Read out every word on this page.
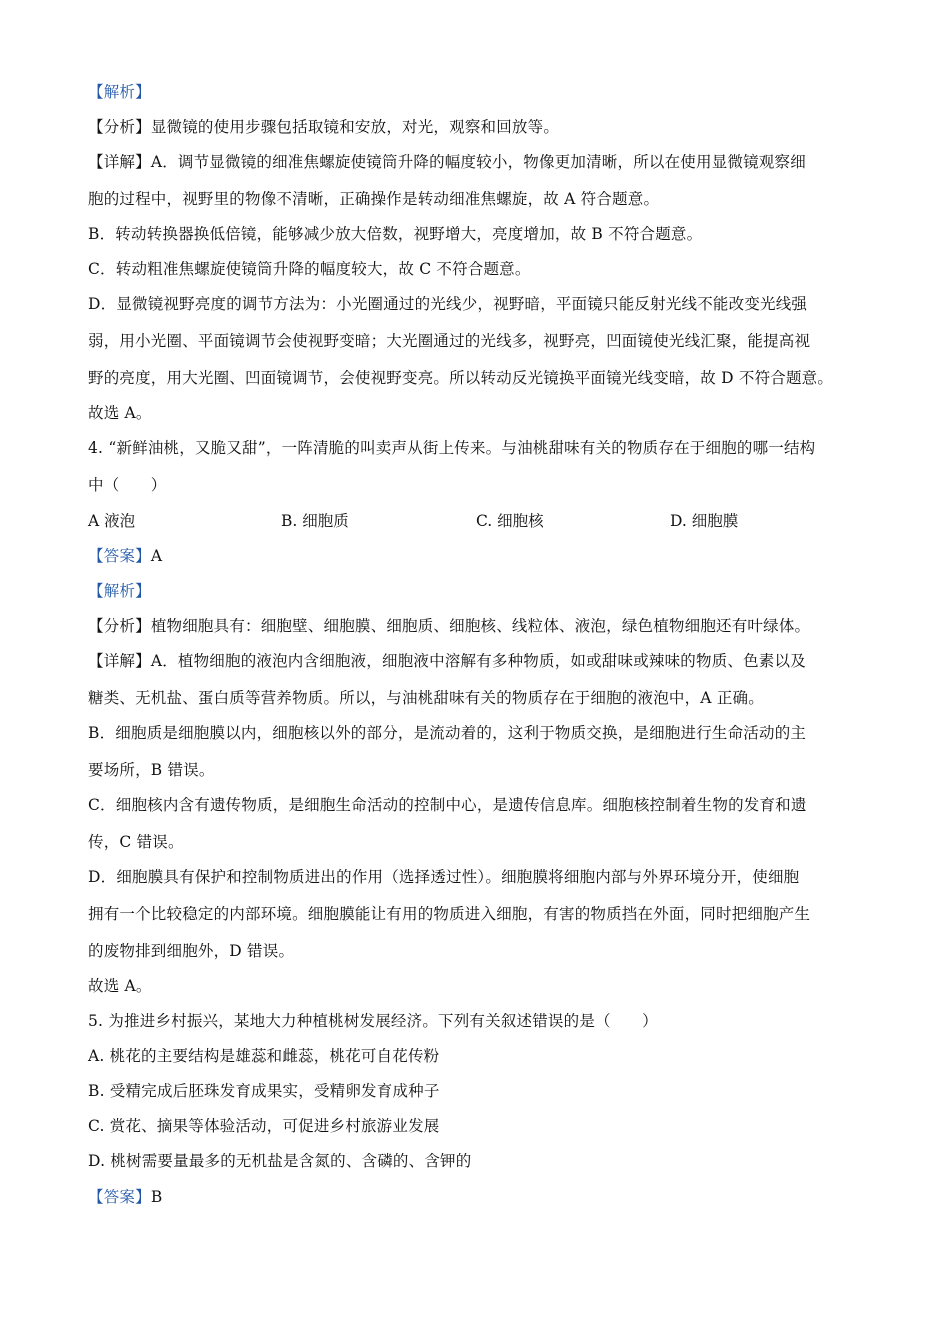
【解析】
【分析】显微镜的使用步骤包括取镜和安放，对光，观察和回放等。
【详解】A．调节显微镜的细准焦螺旋使镜筒升降的幅度较小，物像更加清晰，所以在使用显微镜观察细
胞的过程中，视野里的物像不清晰，正确操作是转动细准焦螺旋，故 A 符合题意。
B．转动转换器换低倍镜，能够减少放大倍数，视野增大，亮度增加，故 B 不符合题意。
C．转动粗准焦螺旋使镜筒升降的幅度较大，故 C 不符合题意。
D．显微镜视野亮度的调节方法为：小光圈通过的光线少，视野暗，平面镜只能反射光线不能改变光线强
弱，用小光圈、平面镜调节会使视野变暗；大光圈通过的光线多，视野亮，凹面镜使光线汇聚，能提高视
野的亮度，用大光圈、凹面镜调节，会使视野变亮。所以转动反光镜换平面镜光线变暗，故 D 不符合题意。
故选 A。
4. “新鲜油桃，又脆又甜”，一阵清脆的叫卖声从街上传来。与油桃甜味有关的物质存在于细胞的哪一结构
中（　　）
A 液泡	B. 细胞质	C. 细胞核	D. 细胞膜
【答案】A
【解析】
【分析】植物细胞具有：细胞壁、细胞膜、细胞质、细胞核、线粒体、液泡，绿色植物细胞还有叶绿体。
【详解】A．植物细胞的液泡内含细胞液，细胞液中溶解有多种物质，如或甜味或辣味的物质、色素以及
糖类、无机盐、蛋白质等营养物质。所以，与油桃甜味有关的物质存在于细胞的液泡中，A 正确。
B．细胞质是细胞膜以内，细胞核以外的部分，是流动着的，这利于物质交换，是细胞进行生命活动的主
要场所，B 错误。
C．细胞核内含有遗传物质，是细胞生命活动的控制中心，是遗传信息库。细胞核控制着生物的发育和遗
传，C 错误。
D．细胞膜具有保护和控制物质进出的作用（选择透过性）。细胞膜将细胞内部与外界环境分开，使细胞
拥有一个比较稳定的内部环境。细胞膜能让有用的物质进入细胞，有害的物质挡在外面，同时把细胞产生
的废物排到细胞外，D 错误。
故选 A。
5. 为推进乡村振兴，某地大力种植桃树发展经济。下列有关叙述错误的是（　　）
A. 桃花的主要结构是雄蕊和雌蕊，桃花可自花传粉
B. 受精完成后胚珠发育成果实，受精卵发育成种子
C. 赏花、摘果等体验活动，可促进乡村旅游业发展
D. 桃树需要量最多的无机盐是含氮的、含磷的、含钾的
【答案】B
